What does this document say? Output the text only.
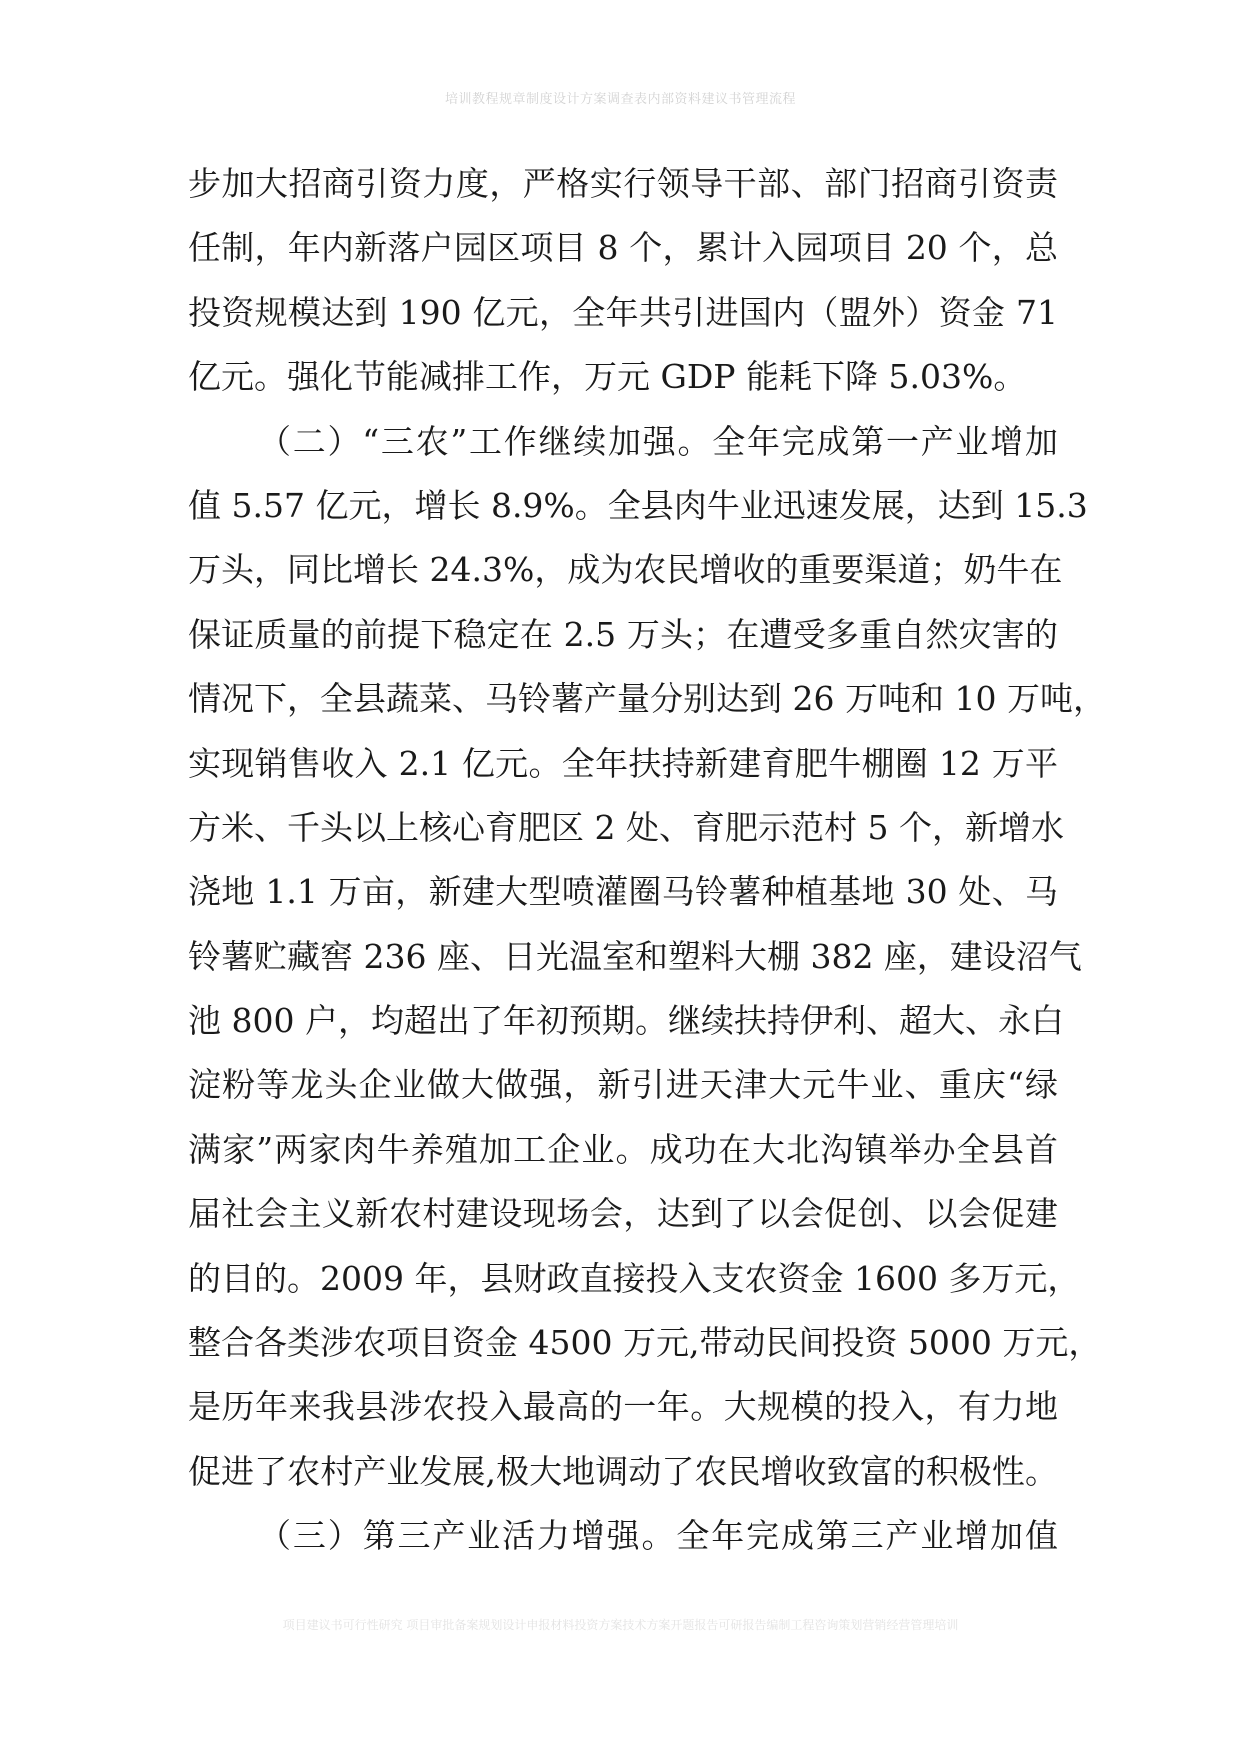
培训教程规章制度设计方案调查表内部资料建议书管理流程
步加大招商引资力度，严格实行领导干部、部门招商引资责
任制，年内新落户园区项目 8 个，累计入园项目 20 个，总
投资规模达到 190 亿元，全年共引进国内（盟外）资金 71
亿元。强化节能减排工作，万元 GDP 能耗下降 5.03%。
（二）“三农”工作继续加强。全年完成第一产业增加
值 5.57 亿元，增长 8.9%。全县肉牛业迅速发展，达到 15.3
万头，同比增长 24.3%，成为农民增收的重要渠道；奶牛在
保证质量的前提下稳定在 2.5 万头；在遭受多重自然灾害的
情况下，全县蔬菜、马铃薯产量分别达到 26 万吨和 10 万吨，
实现销售收入 2.1 亿元。全年扶持新建育肥牛棚圈 12 万平
方米、千头以上核心育肥区 2 处、育肥示范村 5 个，新增水
浇地 1.1 万亩，新建大型喷灌圈马铃薯种植基地 30 处、马
铃薯贮藏窖 236 座、日光温室和塑料大棚 382 座，建设沼气
池 800 户，均超出了年初预期。继续扶持伊利、超大、永白
淀粉等龙头企业做大做强，新引进天津大元牛业、重庆“绿
满家”两家肉牛养殖加工企业。成功在大北沟镇举办全县首
届社会主义新农村建设现场会，达到了以会促创、以会促建
的目的。2009 年，县财政直接投入支农资金 1600 多万元，
整合各类涉农项目资金 4500 万元,带动民间投资 5000 万元，
是历年来我县涉农投入最高的一年。大规模的投入，有力地
促进了农村产业发展,极大地调动了农民增收致富的积极性。
（三）第三产业活力增强。全年完成第三产业增加值
项目建议书可行性研究 项目审批备案规划设计申报材料投资方案技术方案开题报告可研报告编制工程咨询策划营销经营管理培训
